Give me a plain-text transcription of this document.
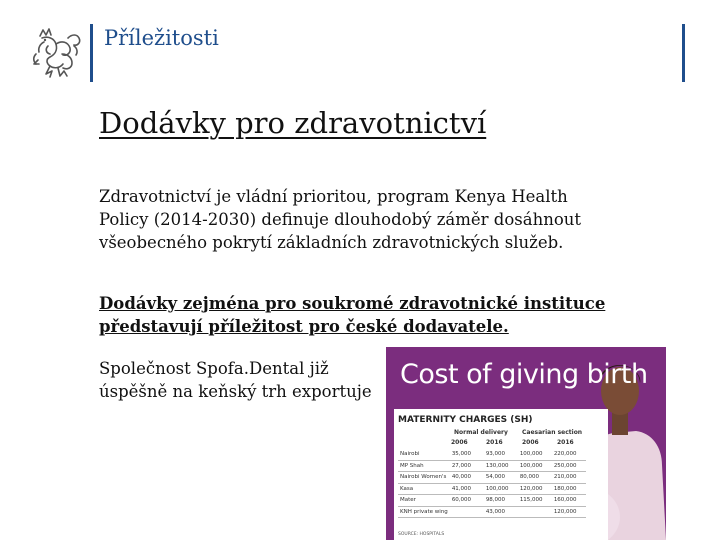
Příležitosti
Dodávky pro zdravotnictví
Zdravotnictví je vládní prioritou, program Kenya Health Policy (2014-2030) definuje dlouhodobý záměr dosáhnout všeobecného pokrytí základních zdravotnických služeb.
Dodávky zejména pro soukromé zdravotnické instituce představují příležitost pro české dodavatele.
Společnost Spofa.Dental již úspěšně na keňský trh exportuje
Cost of giving birth
MATERNITY CHARGES (SH)
Normal delivery Caesarian section
2006	2016	2006	2016
Nairobi	35,000	93,000	100,000	220,000
MP Shah	27,000	130,000	100,000	250,000
Nairobi Women's	40,000	54,000	80,000	210,000
Kasa	41,000	100,000	120,000	180,000
Mater	60,000	98,000	115,000	160,000
KNH private wing		43,000		120,000
SOURCE: HOSPITALS
